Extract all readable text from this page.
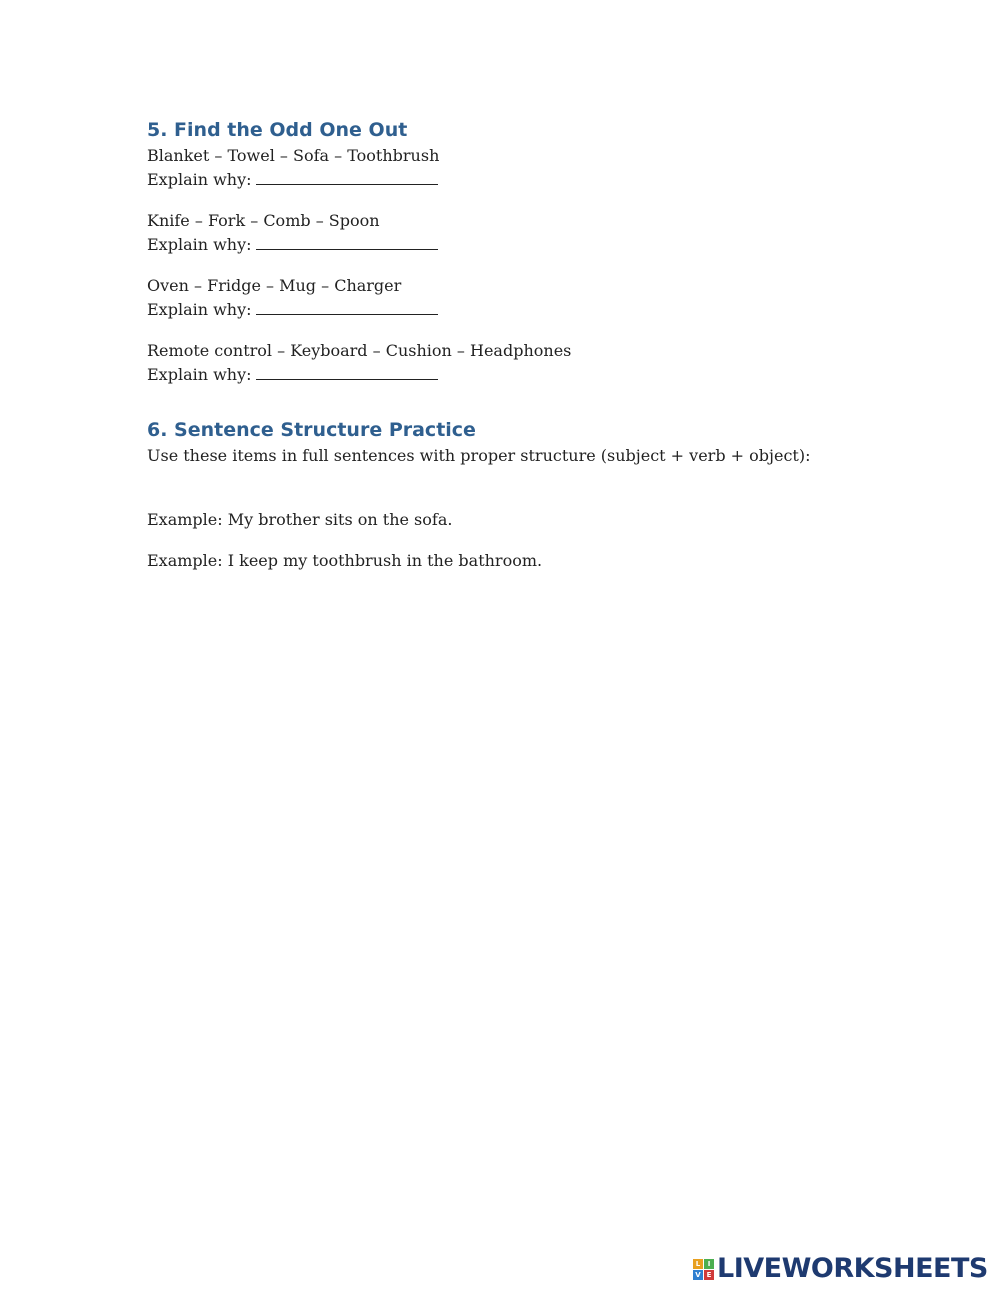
5. Find the Odd One Out

Blanket – Towel – Sofa – Toothbrush

Explain why:

Knife – Fork – Comb – Spoon

Explain why:

Oven – Fridge – Mug – Charger

Explain why:

Remote control – Keyboard – Cushion – Headphones

Explain why:

6. Sentence Structure Practice

Use these items in full sentences with proper structure (subject + verb + object):

Example: My brother sits on the sofa.

Example: I keep my toothbrush in the bathroom.

L	I
V E LIVEWORKSHEETS
